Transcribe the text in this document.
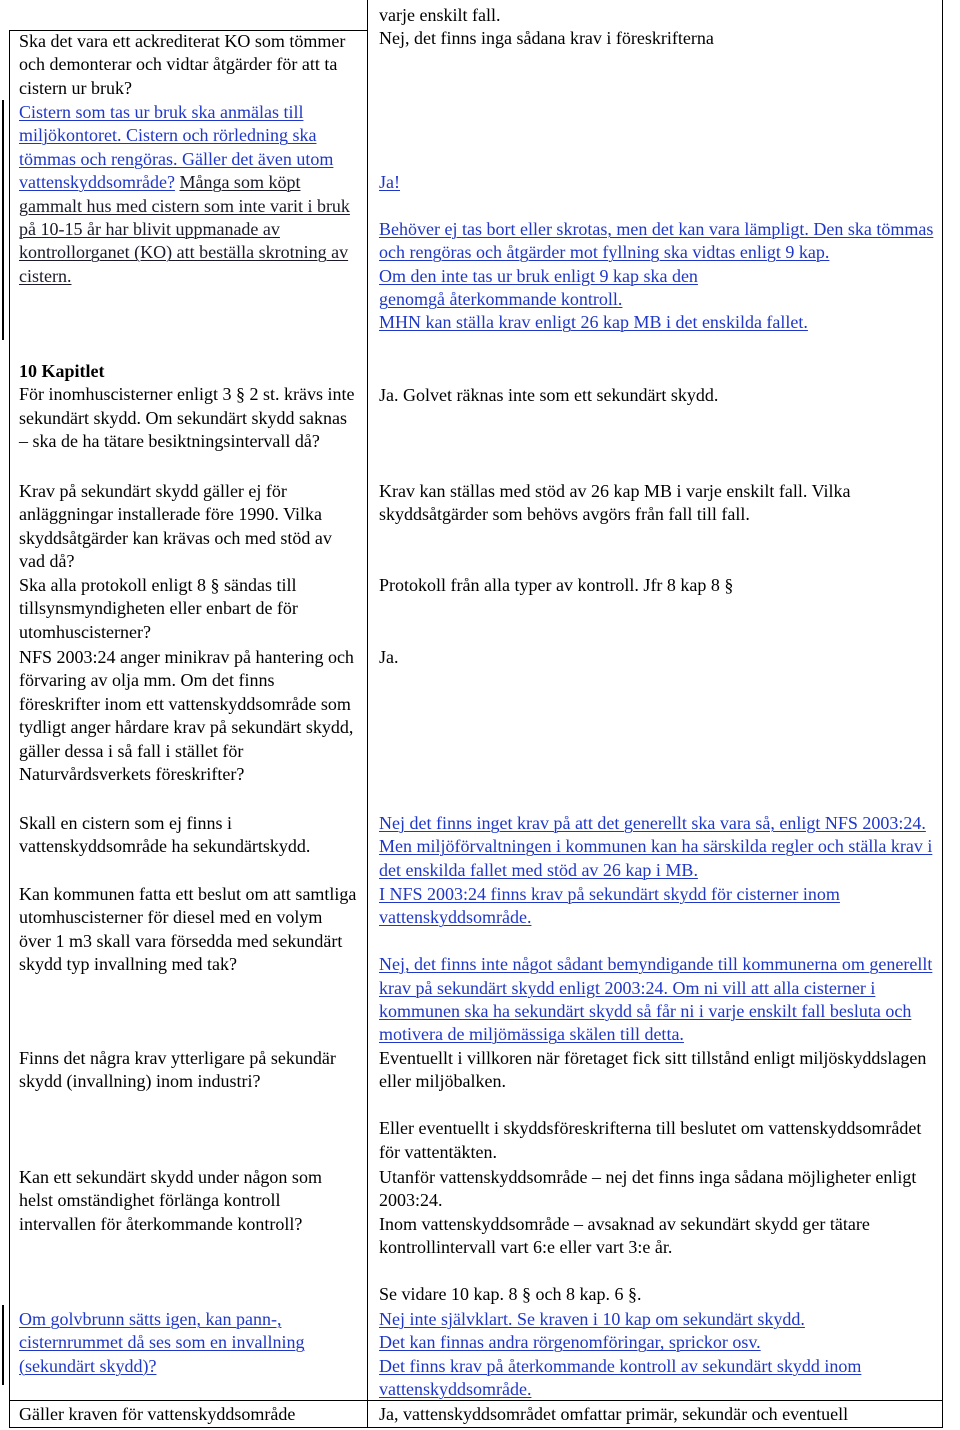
Ska det vara ett ackrediterat KO som tömmer och demonterar och vidtar åtgärder för att ta cistern ur bruk?

varje enskilt fall.

Nej, det finns inga sådana krav i föreskrifterna

Cistern som tas ur bruk ska anmälas till miljökontoret. Cistern och rörledning ska tömmas och rengöras. Gäller det även utom vattenskyddsområde? Många som köpt gammalt hus med cistern som inte varit i bruk på 10-15 år har blivit uppmanade av kontrollorganet (KO) att beställa skrotning av cistern.

Ja!

Behöver ej tas bort eller skrotas, men det kan vara lämpligt. Den ska tömmas och rengöras och åtgärder mot fyllning ska vidtas enligt 9 kap.

Om den inte tas ur bruk enligt 9 kap ska den genomgå återkommande kontroll.

MHN kan ställa krav enligt 26 kap MB i det enskilda fallet.

10 Kapitlet

För inomhuscisterner enligt 3 § 2 st. krävs inte sekundärt skydd. Om sekundärt skydd saknas – ska de ha tätare besiktningsintervall då?

Ja. Golvet räknas inte som ett sekundärt skydd.

Krav på sekundärt skydd gäller ej för anläggningar installerade före 1990. Vilka skyddsåtgärder kan krävas och med stöd av vad då?

Krav kan ställas med stöd av 26 kap MB i varje enskilt fall. Vilka skyddsåtgärder som behövs avgörs från fall till fall.

Ska alla protokoll enligt 8 § sändas till tillsynsmyndigheten eller enbart de för utomhuscisterner?

Protokoll från alla typer av kontroll. Jfr 8 kap 8 §

NFS 2003:24 anger minikrav på hantering och förvaring av olja mm. Om det finns föreskrifter inom ett vattenskyddsområde som tydligt anger hårdare krav på sekundärt skydd, gäller dessa i så fall i stället för Naturvårdsverkets föreskrifter?

Ja.

Skall en cistern som ej finns i vattenskyddsområde ha sekundärtskydd.

Nej det finns inget krav på att det generellt ska vara så, enligt NFS 2003:24. Men miljöförvaltningen i kommunen kan ha särskilda regler och ställa krav i det enskilda fallet med stöd av 26 kap i MB.

Kan kommunen fatta ett beslut om att samtliga utomhuscisterner för diesel med en volym över 1 m3 skall vara försedda med sekundärt skydd typ invallning med tak?

I NFS 2003:24 finns krav på sekundärt skydd för cisterner inom vattenskyddsområde.

Nej, det finns inte något sådant bemyndigande till kommunerna om generellt krav på sekundärt skydd enligt 2003:24. Om ni vill att alla cisterner i kommunen ska ha sekundärt skydd så får ni i varje enskilt fall besluta och motivera de miljömässiga skälen till detta.

Finns det några krav ytterligare på sekundär skydd (invallning) inom industri?

Eventuellt i villkoren när företaget fick sitt tillstånd enligt miljöskyddslagen eller miljöbalken.

Eller eventuellt i skyddsföreskrifterna till beslutet om vattenskyddsområdet för vattentäkten.

Kan ett sekundärt skydd under någon som helst omständighet förlänga kontroll intervallen för återkommande kontroll?

Utanför vattenskyddsområde – nej det finns inga sådana möjligheter enligt 2003:24.

Inom vattenskyddsområde – avsaknad av sekundärt skydd ger tätare kontrollintervall vart 6:e eller vart 3:e år.

Se vidare 10 kap. 8 § och 8 kap. 6 §.

Om golvbrunn sätts igen, kan pann-, cisternrummet då ses som en invallning (sekundärt skydd)?

Nej inte självklart. Se kraven i 10 kap om sekundärt skydd.

Det kan finnas andra rörgenomföringar, sprickor osv.

Det finns krav på återkommande kontroll av sekundärt skydd inom vattenskyddsområde.

Gäller kraven för vattenskyddsområde	Ja, vattenskyddsområdet omfattar primär, sekundär och eventuell
